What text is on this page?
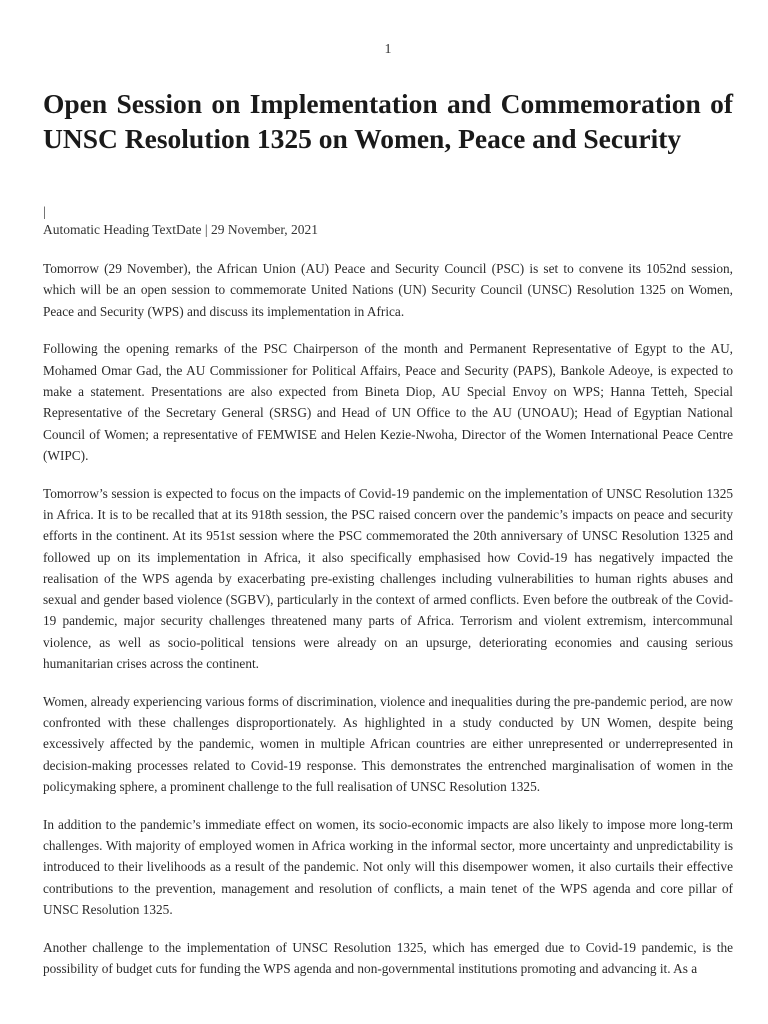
1
Open Session on Implementation and Commemoration of UNSC Resolution 1325 on Women, Peace and Security
|
Automatic Heading TextDate | 29 November, 2021

Tomorrow (29 November), the African Union (AU) Peace and Security Council (PSC) is set to convene its 1052nd session, which will be an open session to commemorate United Nations (UN) Security Council (UNSC) Resolution 1325 on Women, Peace and Security (WPS) and discuss its implementation in Africa.

Following the opening remarks of the PSC Chairperson of the month and Permanent Representative of Egypt to the AU, Mohamed Omar Gad, the AU Commissioner for Political Affairs, Peace and Security (PAPS), Bankole Adeoye, is expected to make a statement. Presentations are also expected from Bineta Diop, AU Special Envoy on WPS; Hanna Tetteh, Special Representative of the Secretary General (SRSG) and Head of UN Office to the AU (UNOAU); Head of Egyptian National Council of Women; a representative of FEMWISE and Helen Kezie-Nwoha, Director of the Women International Peace Centre (WIPC).

Tomorrow’s session is expected to focus on the impacts of Covid-19 pandemic on the implementation of UNSC Resolution 1325 in Africa. It is to be recalled that at its 918th session, the PSC raised concern over the pandemic’s impacts on peace and security efforts in the continent. At its 951st session where the PSC commemorated the 20th anniversary of UNSC Resolution 1325 and followed up on its implementation in Africa, it also specifically emphasised how Covid-19 has negatively impacted the realisation of the WPS agenda by exacerbating pre-existing challenges including vulnerabilities to human rights abuses and sexual and gender based violence (SGBV), particularly in the context of armed conflicts. Even before the outbreak of the Covid-19 pandemic, major security challenges threatened many parts of Africa. Terrorism and violent extremism, intercommunal violence, as well as socio-political tensions were already on an upsurge, deteriorating economies and causing serious humanitarian crises across the continent.

Women, already experiencing various forms of discrimination, violence and inequalities during the pre-pandemic period, are now confronted with these challenges disproportionately. As highlighted in a study conducted by UN Women, despite being excessively affected by the pandemic, women in multiple African countries are either unrepresented or underrepresented in decision-making processes related to Covid-19 response. This demonstrates the entrenched marginalisation of women in the policymaking sphere, a prominent challenge to the full realisation of UNSC Resolution 1325.

In addition to the pandemic’s immediate effect on women, its socio-economic impacts are also likely to impose more long-term challenges. With majority of employed women in Africa working in the informal sector, more uncertainty and unpredictability is introduced to their livelihoods as a result of the pandemic. Not only will this disempower women, it also curtails their effective contributions to the prevention, management and resolution of conflicts, a main tenet of the WPS agenda and core pillar of UNSC Resolution 1325.

Another challenge to the implementation of UNSC Resolution 1325, which has emerged due to Covid-19 pandemic, is the possibility of budget cuts for funding the WPS agenda and non-governmental institutions promoting and advancing it. As a
